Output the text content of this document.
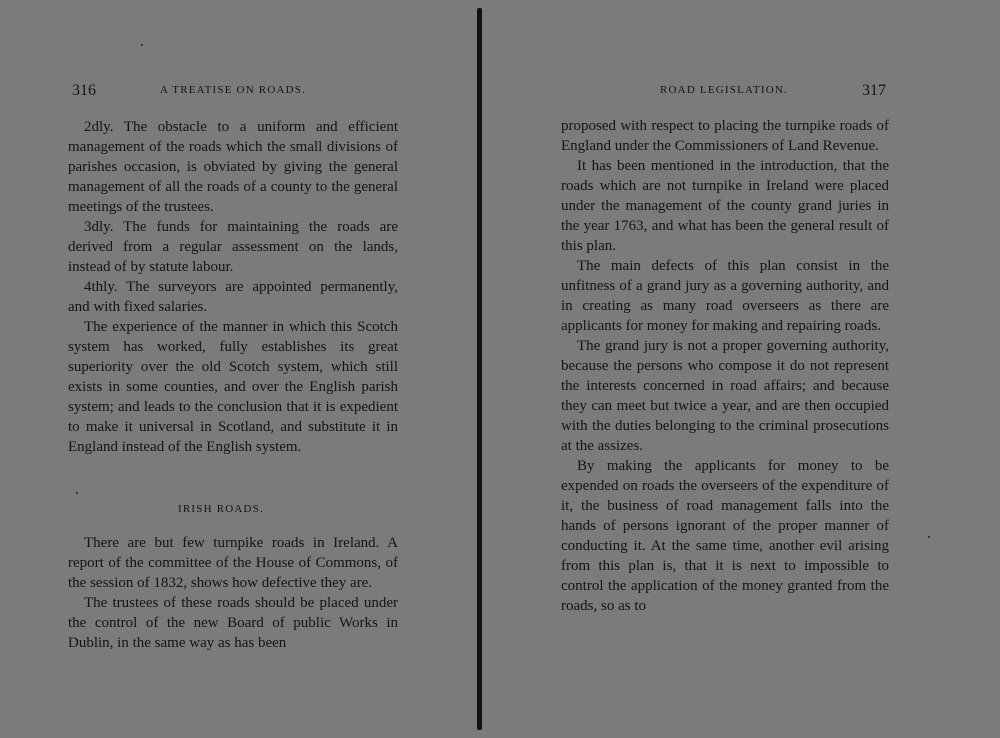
316	A TREATISE ON ROADS.

2dly. The obstacle to a uniform and efficient management of the roads which the small divisions of parishes occasion, is obviated by giving the general management of all the roads of a county to the general meetings of the trustees.

3dly. The funds for maintaining the roads are derived from a regular assessment on the lands, instead of by statute labour.

4thly. The surveyors are appointed permanently, and with fixed salaries.

The experience of the manner in which this Scotch system has worked, fully establishes its great superiority over the old Scotch system, which still exists in some counties, and over the English parish system; and leads to the conclusion that it is expedient to make it universal in Scotland, and substitute it in England instead of the English system.

IRISH ROADS.

There are but few turnpike roads in Ireland. A report of the committee of the House of Commons, of the session of 1832, shows how defective they are.

The trustees of these roads should be placed under the control of the new Board of public Works in Dublin, in the same way as has been

ROAD LEGISLATION.	317

proposed with respect to placing the turnpike roads of England under the Commissioners of Land Revenue.

It has been mentioned in the introduction, that the roads which are not turnpike in Ireland were placed under the management of the county grand juries in the year 1763, and what has been the general result of this plan.

The main defects of this plan consist in the unfitness of a grand jury as a governing authority, and in creating as many road overseers as there are applicants for money for making and repairing roads.

The grand jury is not a proper governing authority, because the persons who compose it do not represent the interests concerned in road affairs; and because they can meet but twice a year, and are then occupied with the duties belonging to the criminal prosecutions at the assizes.

By making the applicants for money to be expended on roads the overseers of the expenditure of it, the business of road management falls into the hands of persons ignorant of the proper manner of conducting it. At the same time, another evil arising from this plan is, that it is next to impossible to control the application of the money granted from the roads, so as to
